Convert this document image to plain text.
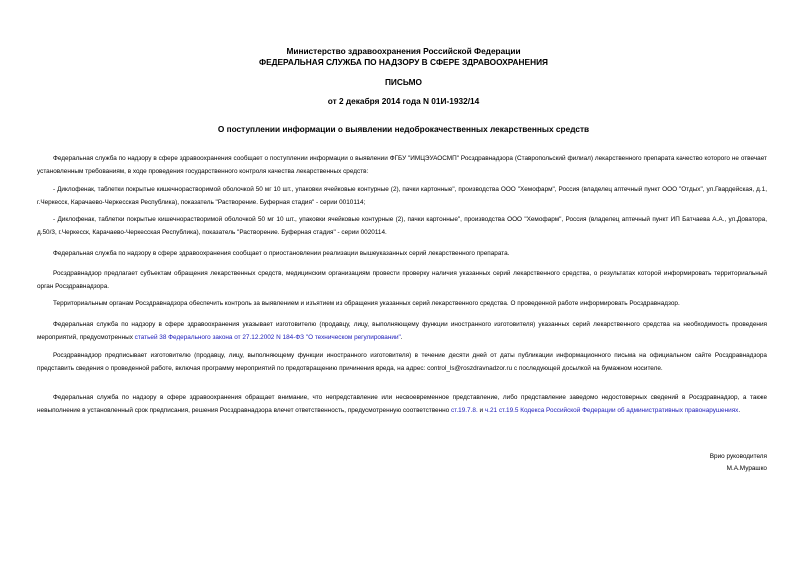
Министерство здравоохранения Российской Федерации
ФЕДЕРАЛЬНАЯ СЛУЖБА ПО НАДЗОРУ В СФЕРЕ ЗДРАВООХРАНЕНИЯ
ПИСЬМО
от 2 декабря 2014 года N 01И-1932/14
О поступлении информации о выявлении недоброкачественных лекарственных средств
Федеральная служба по надзору в сфере здравоохранения сообщает о поступлении информации о выявлении ФГБУ "ИМЦЭУАОСМП" Росздравнадзора (Ставропольский филиал) лекарственного препарата качество которого не отвечает установленным требованиям, в ходе проведения государственного контроля качества лекарственных средств:
- Диклофенак, таблетки покрытые кишечнорастворимой оболочкой 50 мг 10 шт., упаковки ячейковые контурные (2), пачки картонные", производства ООО "Хемофарм", Россия (владелец аптечный пункт ООО "Отдых", ул.Гвардейская, д.1, г.Черкесск, Карачаево-Черкесская Республика), показатель "Растворение. Буферная стадия" - серии 0010114;
- Диклофенак, таблетки покрытые кишечнорастворимой оболочкой 50 мг 10 шт., упаковки ячейковые контурные (2), пачки картонные", производства ООО "Хемофарм", Россия (владелец аптечный пункт ИП Батчаева А.А., ул.Доватора, д.50/3, г.Черкесск, Карачаево-Черкесская Республика), показатель "Растворение. Буферная стадия" - серии 0020114.
Федеральная служба по надзору в сфере здравоохранения сообщает о приостановлении реализации вышеуказанных серий лекарственного препарата.
Росздравнадзор предлагает субъектам обращения лекарственных средств, медицинским организациям провести проверку наличия указанных серий лекарственного средства, о результатах которой информировать территориальный орган Росздравнадзора.
Территориальным органам Росздравнадзора обеспечить контроль за выявлением и изъятием из обращения указанных серий лекарственного средства. О проведенной работе информировать Росздравнадзор.
Федеральная служба по надзору в сфере здравоохранения указывает изготовителю (продавцу, лицу, выполняющему функции иностранного изготовителя) указанных серий лекарственного средства на необходимость проведения мероприятий, предусмотренных статьей 38 Федерального закона от 27.12.2002 N 184-ФЗ "О техническом регулировании".
Росздравнадзор предписывает изготовителю (продавцу, лицу, выполняющему функции иностранного изготовителя) в течение десяти дней от даты публикации информационного письма на официальном сайте Росздравнадзора представить сведения о проведенной работе, включая программу мероприятий по предотвращению причинения вреда, на адрес: control_ls@roszdravnadzor.ru с последующей досылкой на бумажном носителе.
Федеральная служба по надзору в сфере здравоохранения обращает внимание, что непредставление или несвоевременное представление, либо представление заведомо недостоверных сведений в Росздравнадзор, а также невыполнение в установленный срок предписания, решения Росздравнадзора влечет ответственность, предусмотренную соответственно ст.19.7.8. и ч.21 ст.19.5 Кодекса Российской Федерации об административных правонарушениях.
Врио руководителя
М.А.Мурашко
